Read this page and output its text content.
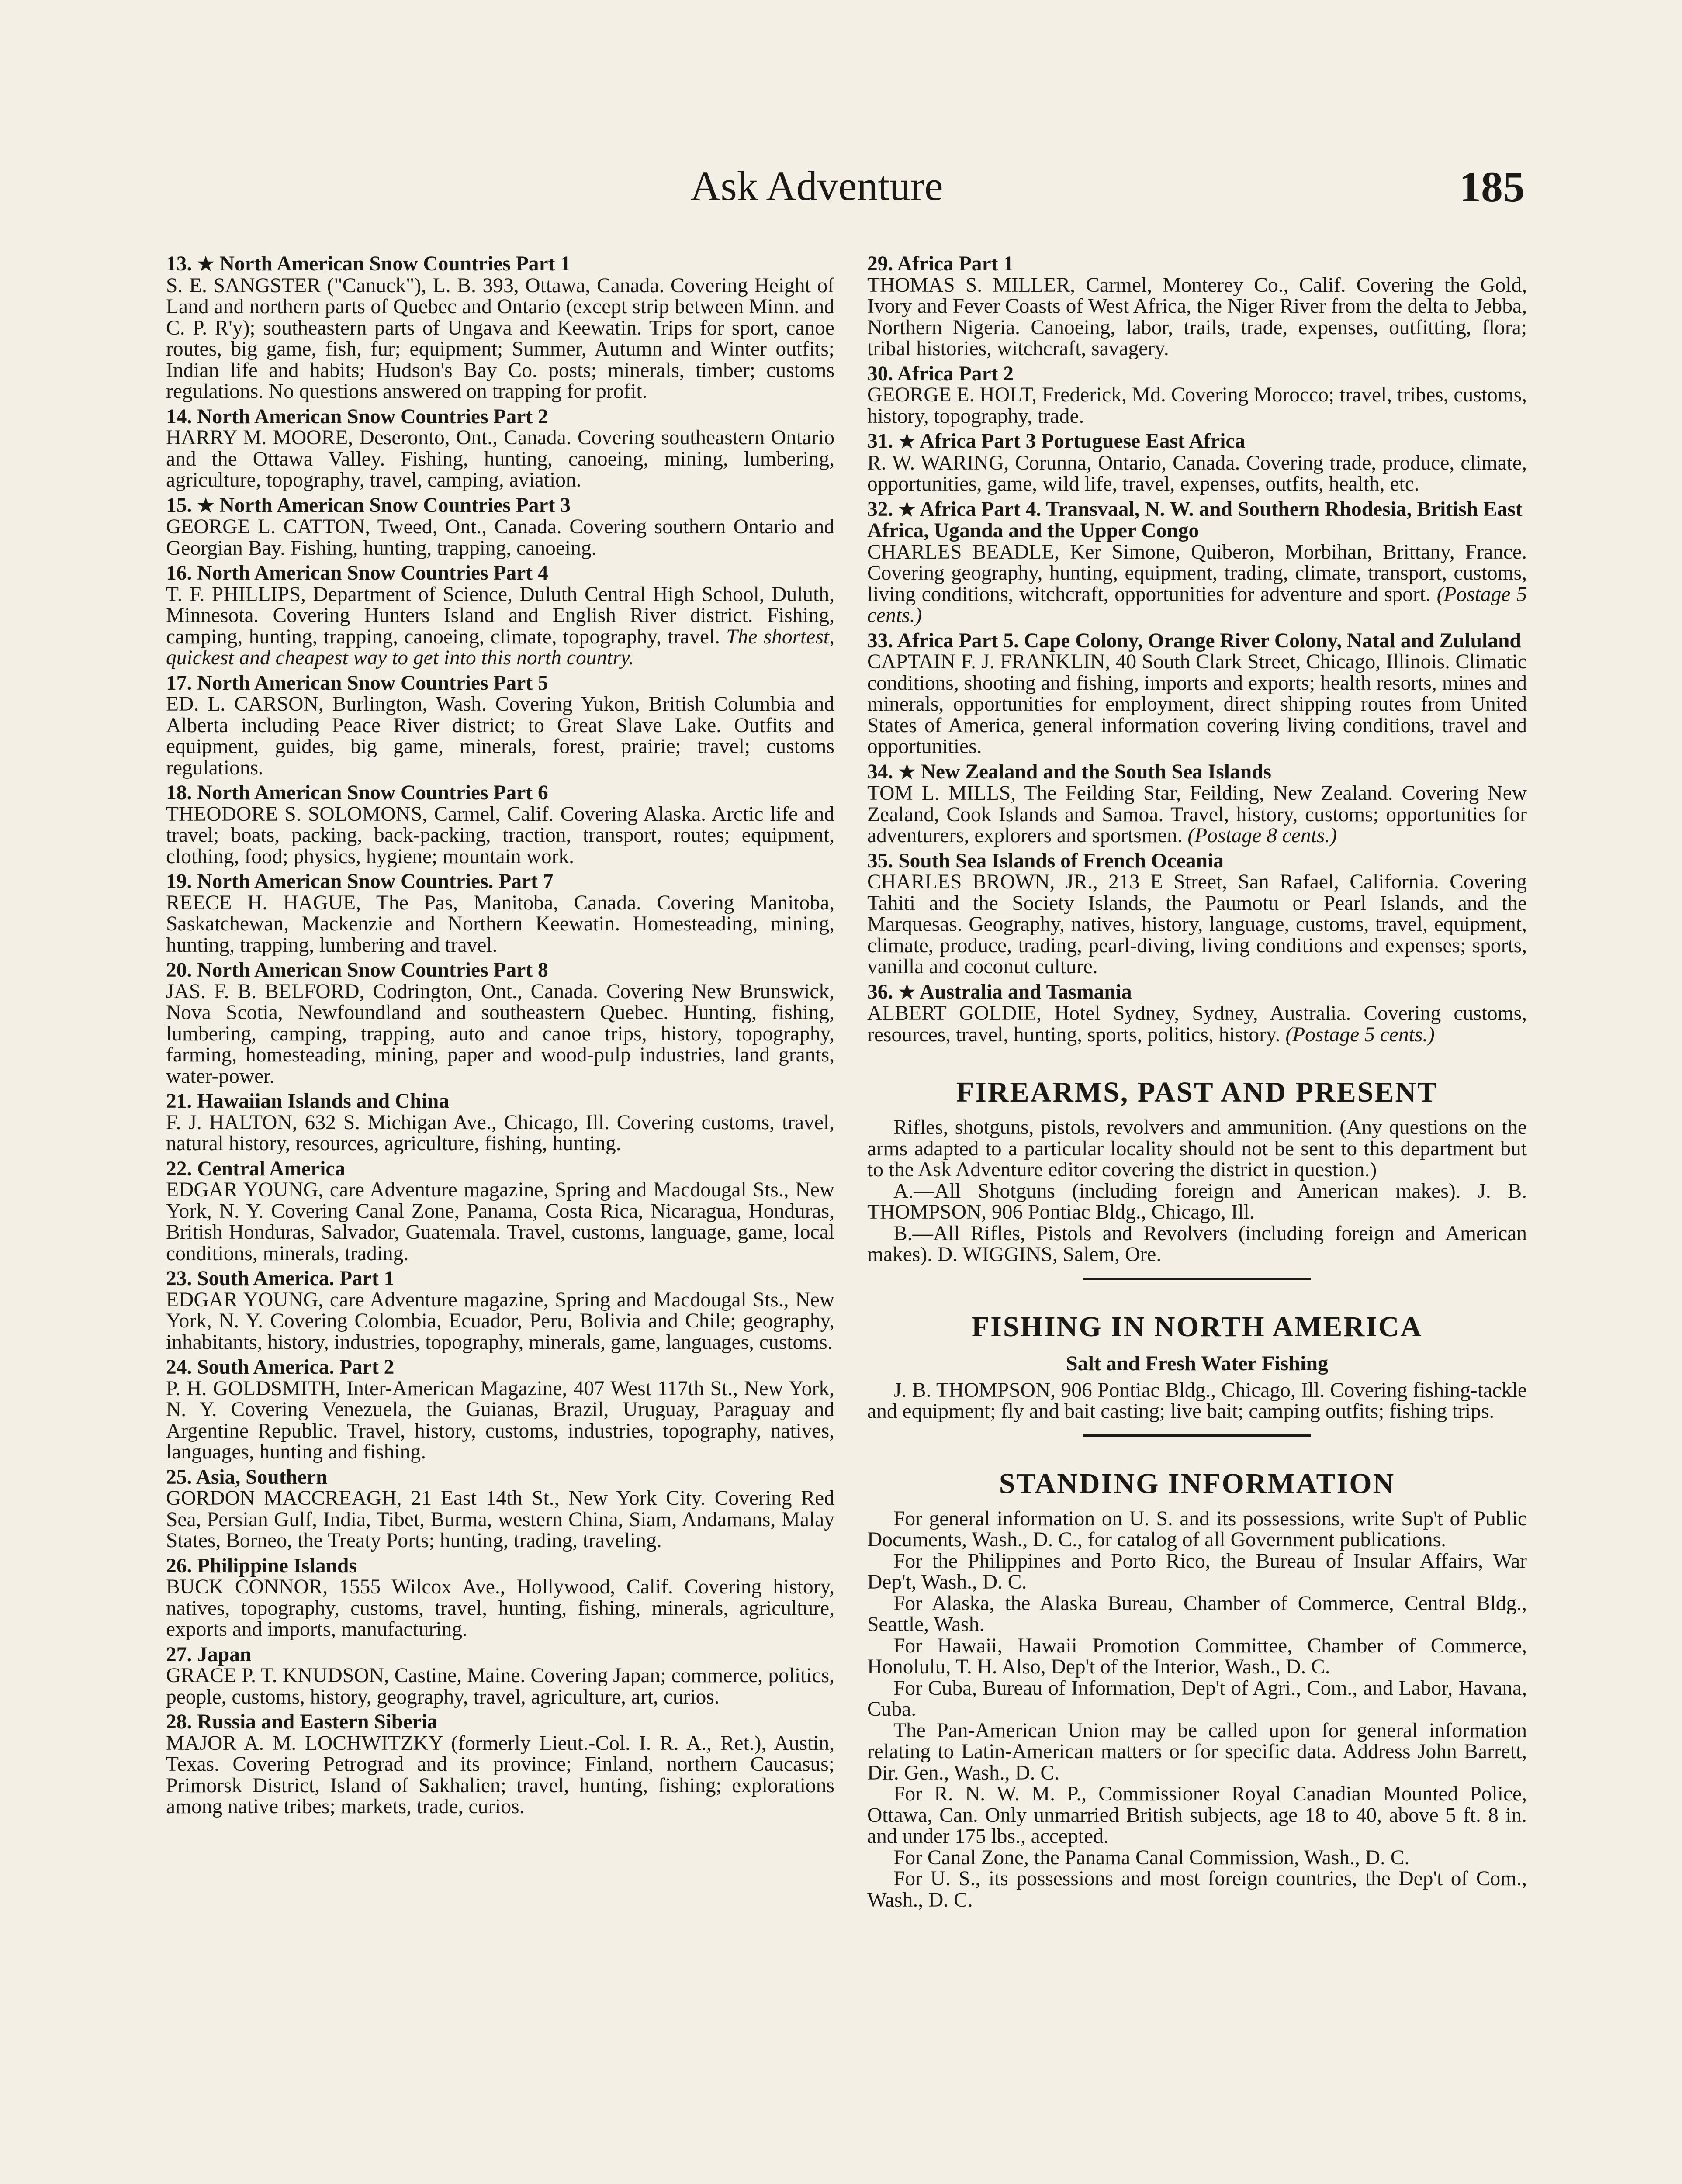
Ask Adventure	185
13. ★ North American Snow Countries Part 1
S. E. SANGSTER ("Canuck"), L. B. 393, Ottawa, Canada. Covering Height of Land and northern parts of Quebec and Ontario (except strip between Minn. and C. P. R'y); southeastern parts of Ungava and Keewatin. Trips for sport, canoe routes, big game, fish, fur; equipment; Summer, Autumn and Winter outfits; Indian life and habits; Hudson's Bay Co. posts; minerals, timber; customs regulations. No questions answered on trapping for profit.
14. North American Snow Countries Part 2
HARRY M. MOORE, Deseronto, Ont., Canada. Covering southeastern Ontario and the Ottawa Valley. Fishing, hunting, canoeing, mining, lumbering, agriculture, topography, travel, camping, aviation.
15. ★ North American Snow Countries Part 3
GEORGE L. CATTON, Tweed, Ont., Canada. Covering southern Ontario and Georgian Bay. Fishing, hunting, trapping, canoeing.
16. North American Snow Countries Part 4
T. F. PHILLIPS, Department of Science, Duluth Central High School, Duluth, Minnesota. Covering Hunters Island and English River district. Fishing, camping, hunting, trapping, canoeing, climate, topography, travel. The shortest, quickest and cheapest way to get into this north country.
17. North American Snow Countries Part 5
ED. L. CARSON, Burlington, Wash. Covering Yukon, British Columbia and Alberta including Peace River district; to Great Slave Lake. Outfits and equipment, guides, big game, minerals, forest, prairie; travel; customs regulations.
18. North American Snow Countries Part 6
THEODORE S. SOLOMONS, Carmel, Calif. Covering Alaska. Arctic life and travel; boats, packing, back-packing, traction, transport, routes; equipment, clothing, food; physics, hygiene; mountain work.
19. North American Snow Countries. Part 7
REECE H. HAGUE, The Pas, Manitoba, Canada. Covering Manitoba, Saskatchewan, Mackenzie and Northern Keewatin. Homesteading, mining, hunting, trapping, lumbering and travel.
20. North American Snow Countries Part 8
JAS. F. B. BELFORD, Codrington, Ont., Canada. Covering New Brunswick, Nova Scotia, Newfoundland and southeastern Quebec. Hunting, fishing, lumbering, camping, trapping, auto and canoe trips, history, topography, farming, homesteading, mining, paper and wood-pulp industries, land grants, water-power.
21. Hawaiian Islands and China
F. J. HALTON, 632 S. Michigan Ave., Chicago, Ill. Covering customs, travel, natural history, resources, agriculture, fishing, hunting.
22. Central America
EDGAR YOUNG, care Adventure magazine, Spring and Macdougal Sts., New York, N. Y. Covering Canal Zone, Panama, Costa Rica, Nicaragua, Honduras, British Honduras, Salvador, Guatemala. Travel, customs, language, game, local conditions, minerals, trading.
23. South America. Part 1
EDGAR YOUNG, care Adventure magazine, Spring and Macdougal Sts., New York, N. Y. Covering Colombia, Ecuador, Peru, Bolivia and Chile; geography, inhabitants, history, industries, topography, minerals, game, languages, customs.
24. South America. Part 2
P. H. GOLDSMITH, Inter-American Magazine, 407 West 117th St., New York, N. Y. Covering Venezuela, the Guianas, Brazil, Uruguay, Paraguay and Argentine Republic. Travel, history, customs, industries, topography, natives, languages, hunting and fishing.
25. Asia, Southern
GORDON MACCREAGH, 21 East 14th St., New York City. Covering Red Sea, Persian Gulf, India, Tibet, Burma, western China, Siam, Andamans, Malay States, Borneo, the Treaty Ports; hunting, trading, traveling.
26. Philippine Islands
BUCK CONNOR, 1555 Wilcox Ave., Hollywood, Calif. Covering history, natives, topography, customs, travel, hunting, fishing, minerals, agriculture, exports and imports, manufacturing.
27. Japan
GRACE P. T. KNUDSON, Castine, Maine. Covering Japan; commerce, politics, people, customs, history, geography, travel, agriculture, art, curios.
28. Russia and Eastern Siberia
MAJOR A. M. LOCHWITZKY (formerly Lieut.-Col. I. R. A., Ret.), Austin, Texas. Covering Petrograd and its province; Finland, northern Caucasus; Primorsk District, Island of Sakhalien; travel, hunting, fishing; explorations among native tribes; markets, trade, curios.
29. Africa Part 1
THOMAS S. MILLER, Carmel, Monterey Co., Calif. Covering the Gold, Ivory and Fever Coasts of West Africa, the Niger River from the delta to Jebba, Northern Nigeria. Canoeing, labor, trails, trade, expenses, outfitting, flora; tribal histories, witchcraft, savagery.
30. Africa Part 2
GEORGE E. HOLT, Frederick, Md. Covering Morocco; travel, tribes, customs, history, topography, trade.
31. ★ Africa Part 3 Portuguese East Africa
R. W. WARING, Corunna, Ontario, Canada. Covering trade, produce, climate, opportunities, game, wild life, travel, expenses, outfits, health, etc.
32. ★ Africa Part 4. Transvaal, N. W. and Southern Rhodesia, British East Africa, Uganda and the Upper Congo
CHARLES BEADLE, Ker Simone, Quiberon, Morbihan, Brittany, France. Covering geography, hunting, equipment, trading, climate, transport, customs, living conditions, witchcraft, opportunities for adventure and sport. (Postage 5 cents.)
33. Africa Part 5. Cape Colony, Orange River Colony, Natal and Zululand
CAPTAIN F. J. FRANKLIN, 40 South Clark Street, Chicago, Illinois. Climatic conditions, shooting and fishing, imports and exports; health resorts, mines and minerals, opportunities for employment, direct shipping routes from United States of America, general information covering living conditions, travel and opportunities.
34. ★ New Zealand and the South Sea Islands
TOM L. MILLS, The Feilding Star, Feilding, New Zealand. Covering New Zealand, Cook Islands and Samoa. Travel, history, customs; opportunities for adventurers, explorers and sportsmen. (Postage 8 cents.)
35. South Sea Islands of French Oceania
CHARLES BROWN, JR., 213 E Street, San Rafael, California. Covering Tahiti and the Society Islands, the Paumotu or Pearl Islands, and the Marquesas. Geography, natives, history, language, customs, travel, equipment, climate, produce, trading, pearl-diving, living conditions and expenses; sports, vanilla and coconut culture.
36. ★ Australia and Tasmania
ALBERT GOLDIE, Hotel Sydney, Sydney, Australia. Covering customs, resources, travel, hunting, sports, politics, history. (Postage 5 cents.)
FIREARMS, PAST AND PRESENT
Rifles, shotguns, pistols, revolvers and ammunition. (Any questions on the arms adapted to a particular locality should not be sent to this department but to the Ask Adventure editor covering the district in question.)
A.—All Shotguns (including foreign and American makes). J. B. THOMPSON, 906 Pontiac Bldg., Chicago, Ill.
B.—All Rifles, Pistols and Revolvers (including foreign and American makes). D. WIGGINS, Salem, Ore.
FISHING IN NORTH AMERICA
Salt and Fresh Water Fishing
J. B. THOMPSON, 906 Pontiac Bldg., Chicago, Ill. Covering fishing-tackle and equipment; fly and bait casting; live bait; camping outfits; fishing trips.
STANDING INFORMATION
For general information on U. S. and its possessions, write Sup't of Public Documents, Wash., D. C., for catalog of all Government publications.
For the Philippines and Porto Rico, the Bureau of Insular Affairs, War Dep't, Wash., D. C.
For Alaska, the Alaska Bureau, Chamber of Commerce, Central Bldg., Seattle, Wash.
For Hawaii, Hawaii Promotion Committee, Chamber of Commerce, Honolulu, T. H. Also, Dep't of the Interior, Wash., D. C.
For Cuba, Bureau of Information, Dep't of Agri., Com., and Labor, Havana, Cuba.
The Pan-American Union may be called upon for general information relating to Latin-American matters or for specific data. Address John Barrett, Dir. Gen., Wash., D. C.
For R. N. W. M. P., Commissioner Royal Canadian Mounted Police, Ottawa, Can. Only unmarried British subjects, age 18 to 40, above 5 ft. 8 in. and under 175 lbs., accepted.
For Canal Zone, the Panama Canal Commission, Wash., D. C.
For U. S., its possessions and most foreign countries, the Dep't of Com., Wash., D. C.
